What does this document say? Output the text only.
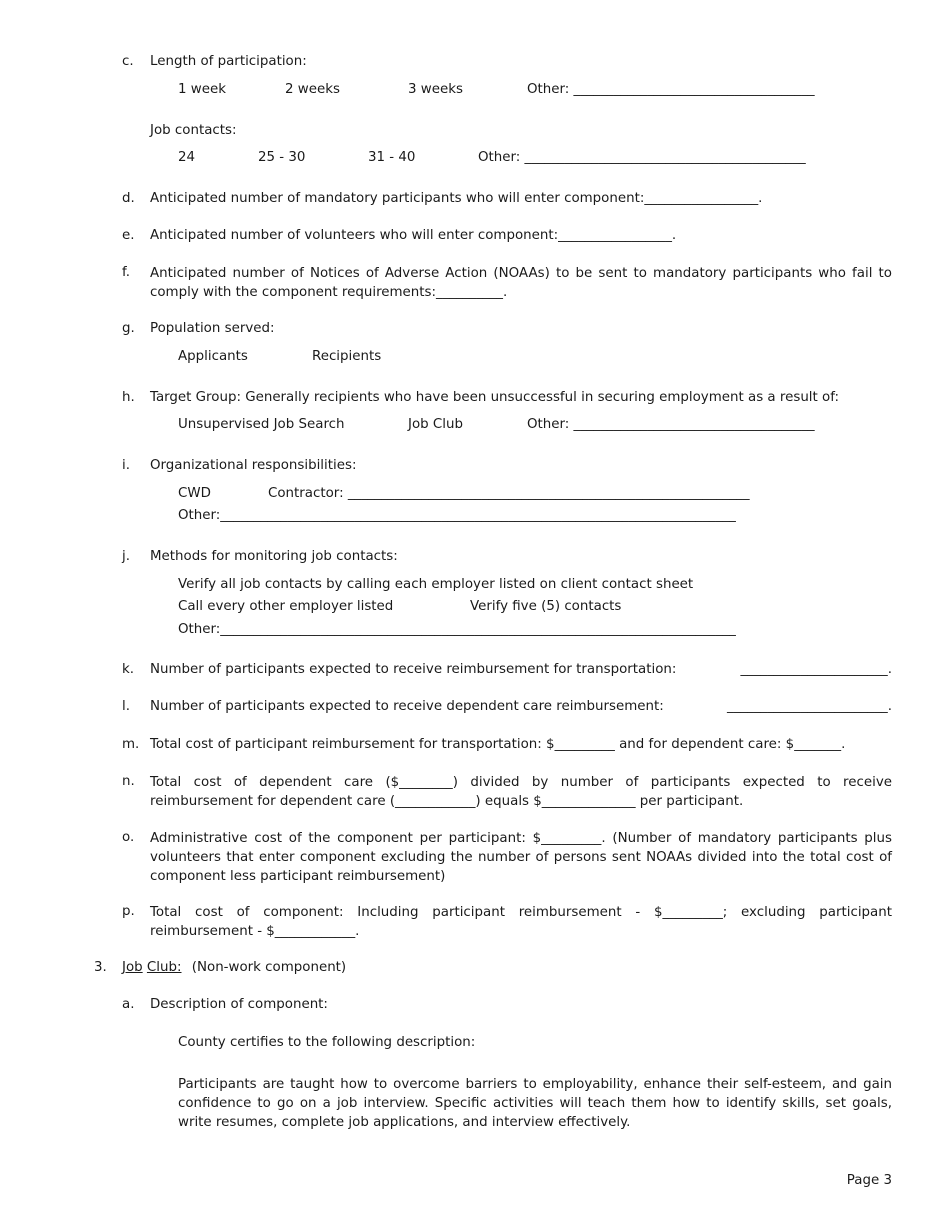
c. Length of participation:
1 week	2 weeks	3 weeks	Other: ____________________________________
Job contacts:
24	25 - 30	31 - 40	Other: __________________________________________
d. Anticipated number of mandatory participants who will enter component:_________________.
e. Anticipated number of volunteers who will enter component:_________________.
f. Anticipated number of Notices of Adverse Action (NOAAs) to be sent to mandatory participants who fail to comply with the component requirements:__________.
g. Population served:
Applicants	Recipients
h. Target Group: Generally recipients who have been unsuccessful in securing employment as a result of:
Unsupervised Job Search	Job Club	Other: ____________________________________
i. Organizational responsibilities:
CWD	Contractor: ____________________________________________________________
Other:_____________________________________________________________________________
j. Methods for monitoring job contacts:
Verify all job contacts by calling each employer listed on client contact sheet
Call every other employer listed	Verify five (5) contacts
Other:_____________________________________________________________________________
k. Number of participants expected to receive reimbursement for transportation:	______________________.
l. Number of participants expected to receive dependent care reimbursement:	________________________.
m. Total cost of participant reimbursement for transportation: $_________ and for dependent care: $_______.
n. Total cost of dependent care ($________) divided by number of participants expected to receive reimbursement for dependent care (____________) equals $______________ per participant.
o. Administrative cost of the component per participant: $_________. (Number of mandatory participants plus volunteers that enter component excluding the number of persons sent NOAAs divided into the total cost of component less participant reimbursement)
p. Total cost of component: Including participant reimbursement - $_________; excluding participant reimbursement - $____________.
3. Job Club: (Non-work component)
a. Description of component:
County certifies to the following description:
Participants are taught how to overcome barriers to employability, enhance their self-esteem, and gain confidence to go on a job interview. Specific activities will teach them how to identify skills, set goals, write resumes, complete job applications, and interview effectively.
Page 3
